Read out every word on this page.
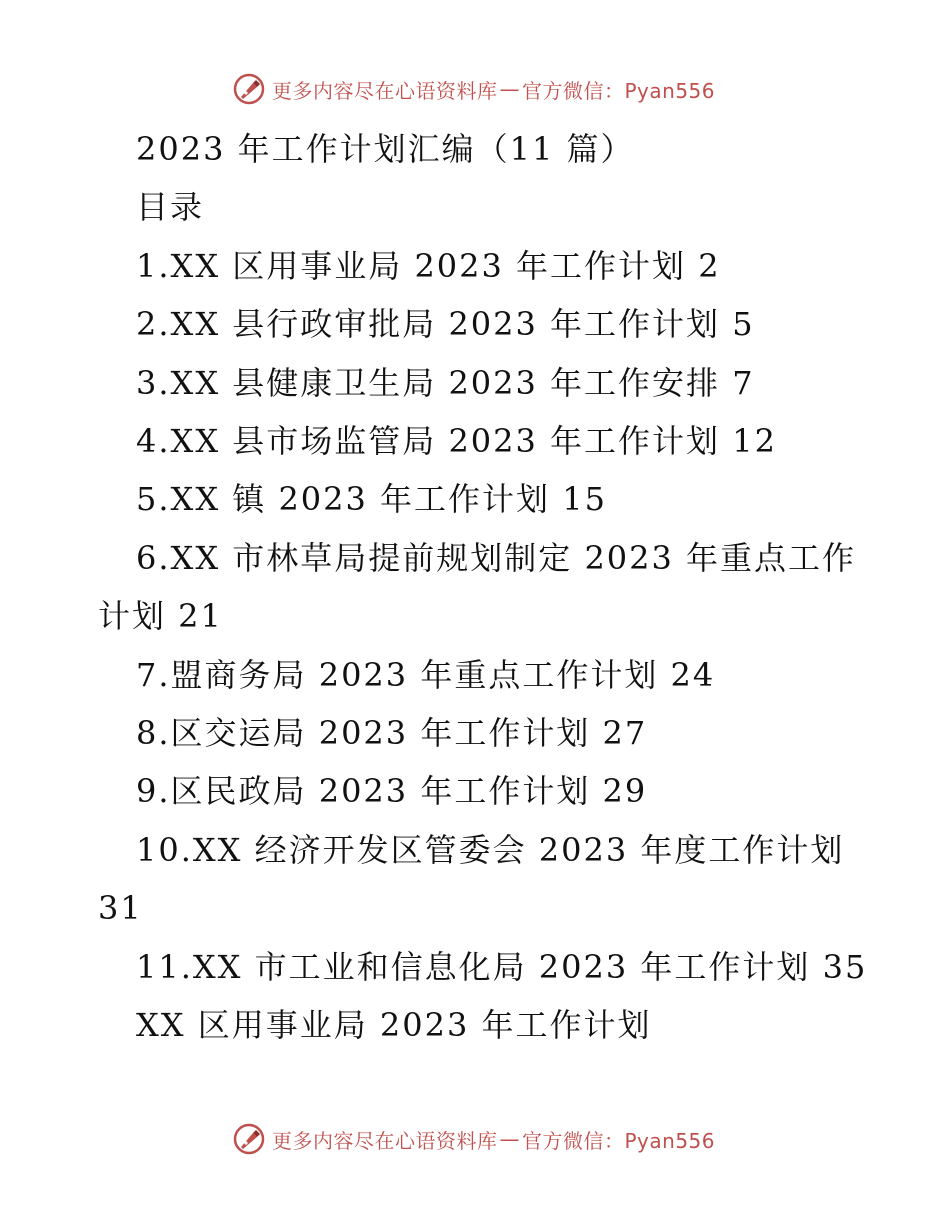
更多内容尽在心语资料库 — 官方微信：Pyan556
2023 年工作计划汇编（11 篇）
目录
1.XX 区用事业局 2023 年工作计划 2
2.XX 县行政审批局 2023 年工作计划 5
3.XX 县健康卫生局 2023 年工作安排 7
4.XX 县市场监管局 2023 年工作计划 12
5.XX 镇 2023 年工作计划 15
6.XX 市林草局提前规划制定 2023 年重点工作
计划 21
7.盟商务局 2023 年重点工作计划 24
8.区交运局 2023 年工作计划 27
9.区民政局 2023 年工作计划 29
10.XX 经济开发区管委会 2023 年度工作计划
31
11.XX 市工业和信息化局 2023 年工作计划 35
XX 区用事业局 2023 年工作计划
更多内容尽在心语资料库 — 官方微信：Pyan556
